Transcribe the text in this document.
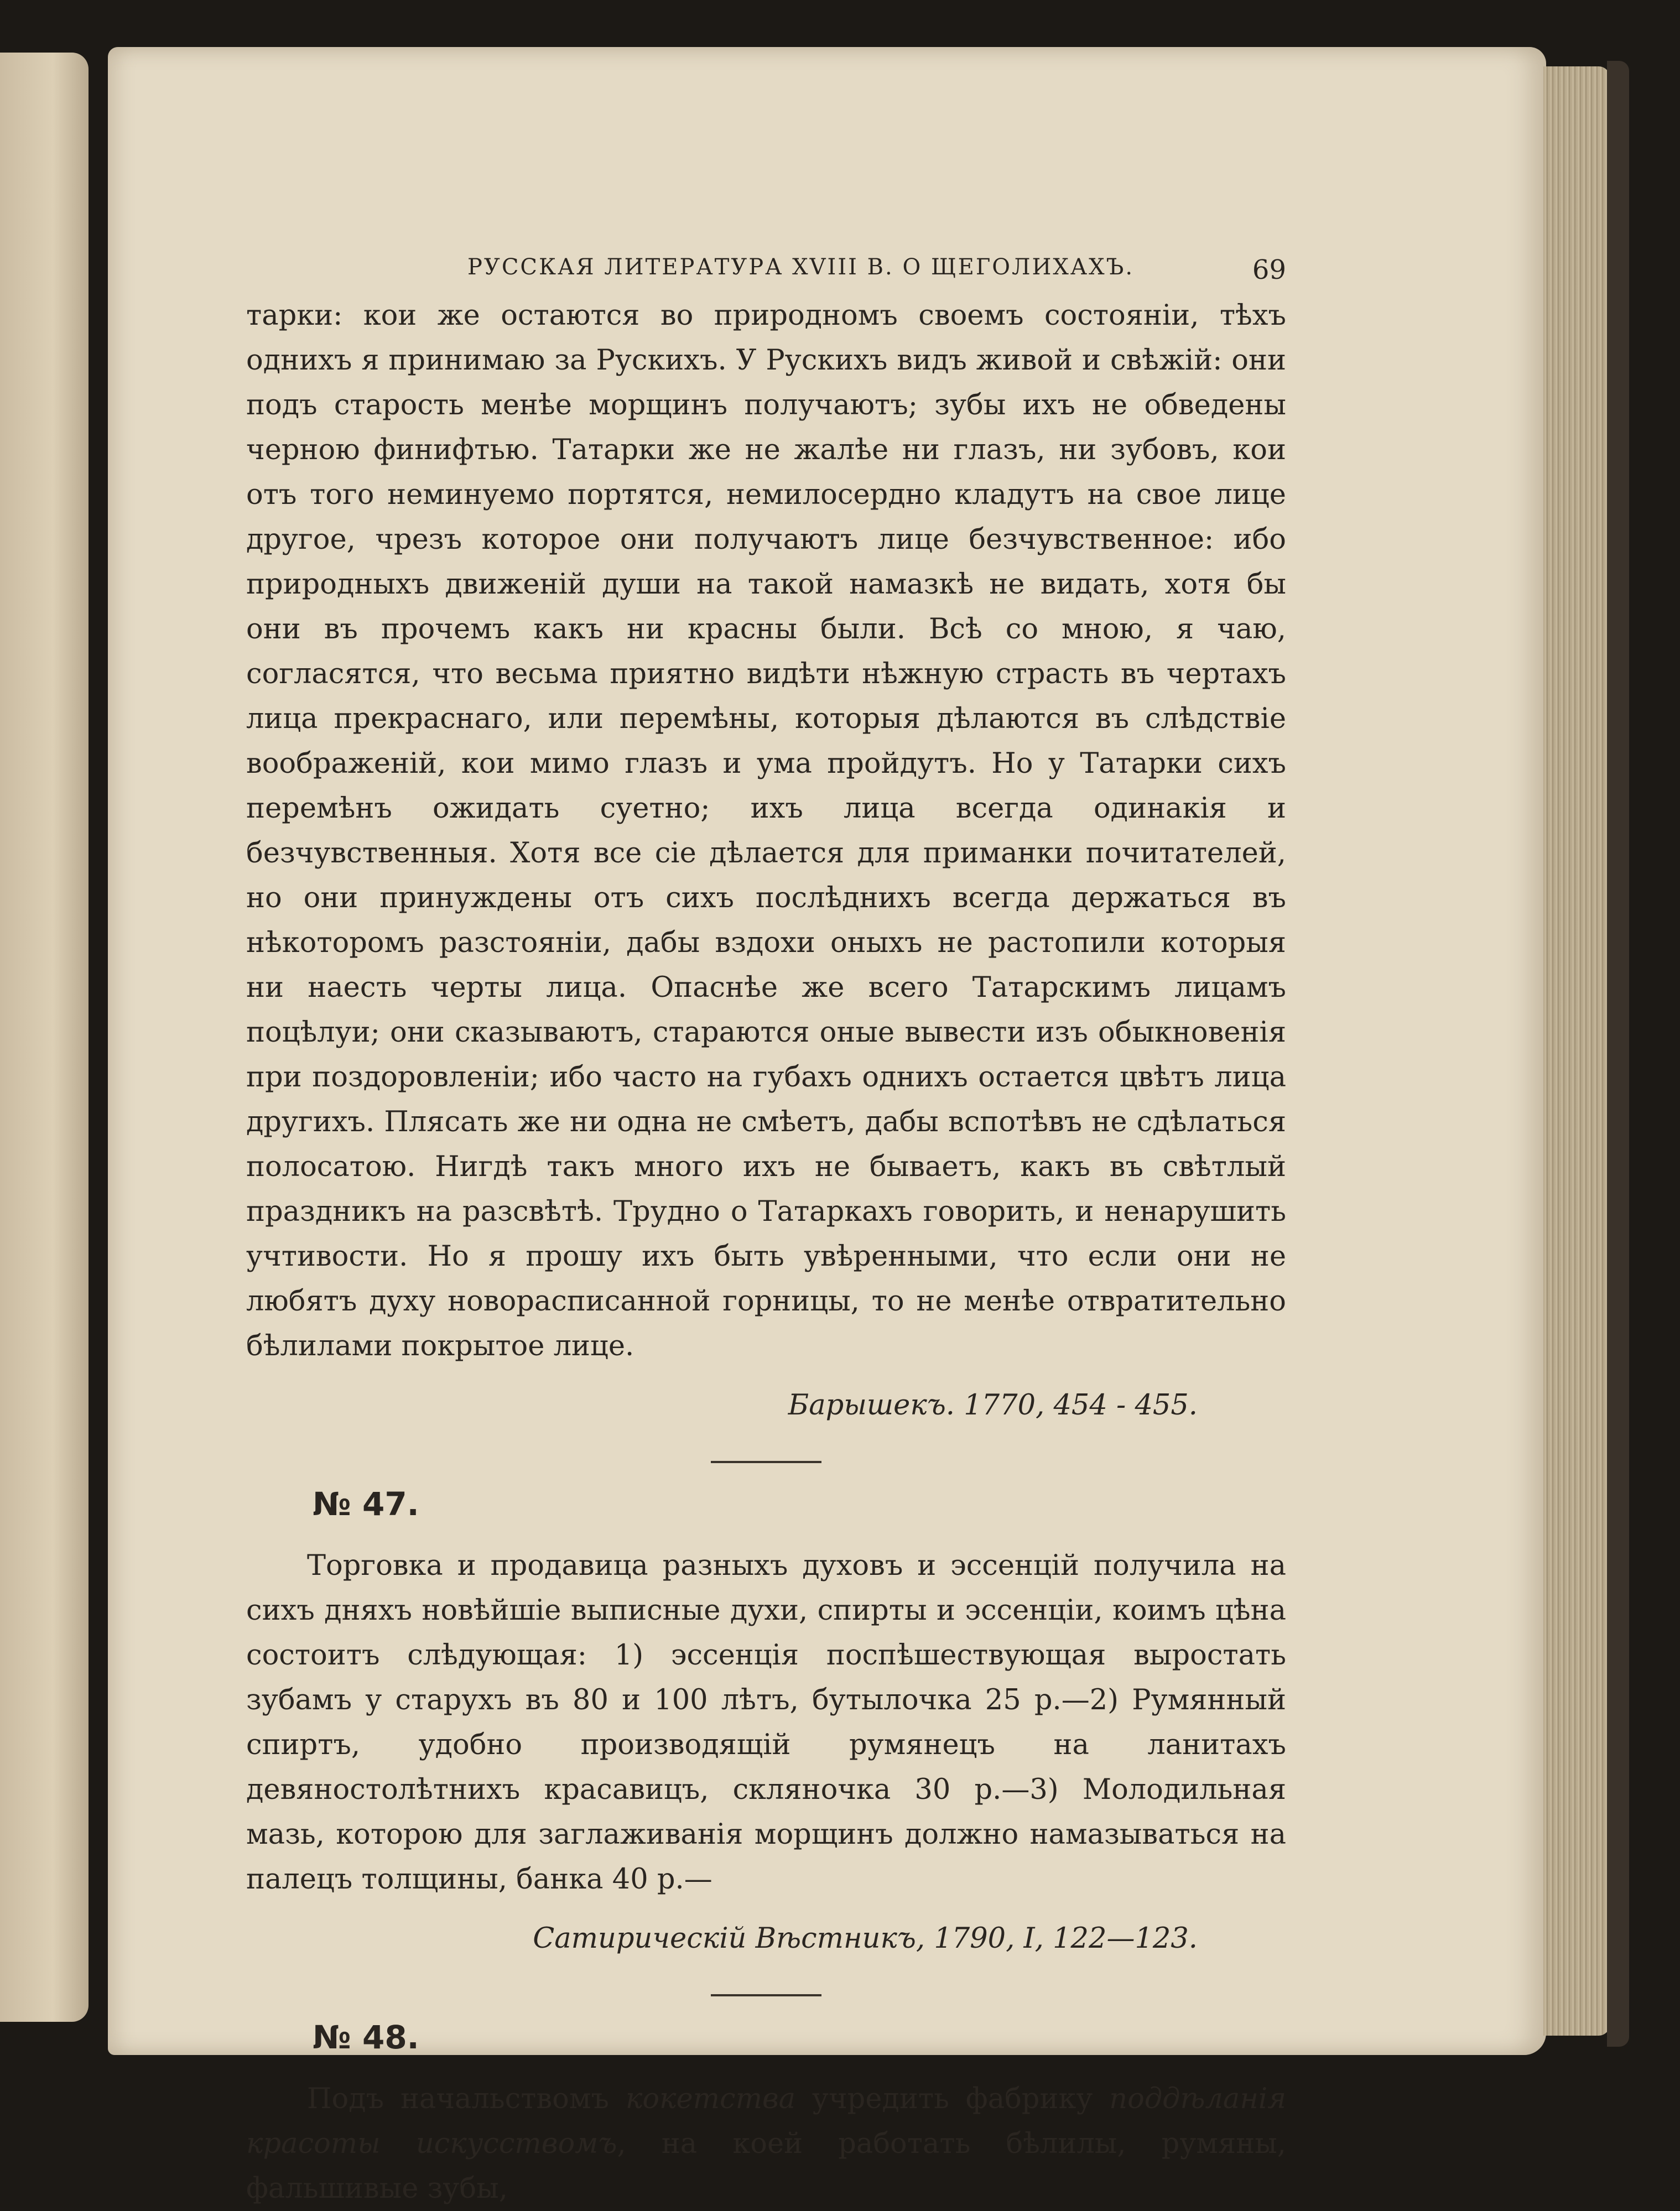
РУССКАЯ ЛИТЕРАТУРА XVIII В. О ЩЕГОЛИХАХЪ.	69

тарки: кои же остаются во природномъ своемъ состояніи, тѣхъ однихъ я принимаю за Рускихъ. У Рускихъ видъ живой и свѣжій: они подъ старость менѣе морщинъ получаютъ; зубы ихъ не обведены черною финифтью. Татарки же не жалѣе ни глазъ, ни зубовъ, кои отъ того неминуемо портятся, немилосердно кладутъ на свое лице другое, чрезъ которое они получаютъ лице безчувственное: ибо природныхъ движеній души на такой намазкѣ не видать, хотя бы они въ прочемъ какъ ни красны были. Всѣ со мною, я чаю, согласятся, что весьма приятно видѣти нѣжную страсть въ чертахъ лица прекраснаго, или перемѣны, которыя дѣлаются въ слѣдствіе воображеній, кои мимо глазъ и ума пройдутъ. Но у Татарки сихъ перемѣнъ ожидать суетно; ихъ лица всегда одинакія и безчувственныя. Хотя все сіе дѣлается для приманки почитателей, но они принуждены отъ сихъ послѣднихъ всегда держаться въ нѣкоторомъ разстояніи, дабы вздохи оныхъ не растопили которыя ни наесть черты лица. Опаснѣе же всего Татарскимъ лицамъ поцѣлуи; они сказываютъ, стараются оные вывести изъ обыкновенія при поздоровленіи; ибо часто на губахъ однихъ остается цвѣтъ лица другихъ. Плясать же ни одна не смѣетъ, дабы вспотѣвъ не сдѣлаться полосатою. Нигдѣ такъ много ихъ не бываетъ, какъ въ свѣтлый праздникъ на разсвѣтѣ. Трудно о Татаркахъ говорить, и ненарушить учтивости. Но я прошу ихъ быть увѣренными, что если они не любятъ духу новорасписанной горницы, то не менѣе отвратительно бѣлилами покрытое лице.

Барышекъ. 1770, 454 - 455.
№ 47.

Торговка и продавица разныхъ духовъ и эссенцій получила на сихъ дняхъ новѣйшіе выписные духи, спирты и эссенціи, коимъ цѣна состоитъ слѣдующая: 1) эссенція поспѣшествующая выростать зубамъ у старухъ въ 80 и 100 лѣтъ, бутылочка 25 р.—2) Румянный спиртъ, удобно производящій румянецъ на ланитахъ девяностолѣтнихъ красавицъ, скляночка 30 р.—3) Молодильная мазь, которою для заглаживанія морщинъ должно намазываться на палецъ толщины, банка 40 р.—

Сатирическій Вѣстникъ, 1790, I, 122—123.
№ 48.

Подъ начальствомъ кокетства учредить фабрику поддѣланія красоты искусствомъ, на коей работать бѣлилы, румяны, фальшивые зубы,
